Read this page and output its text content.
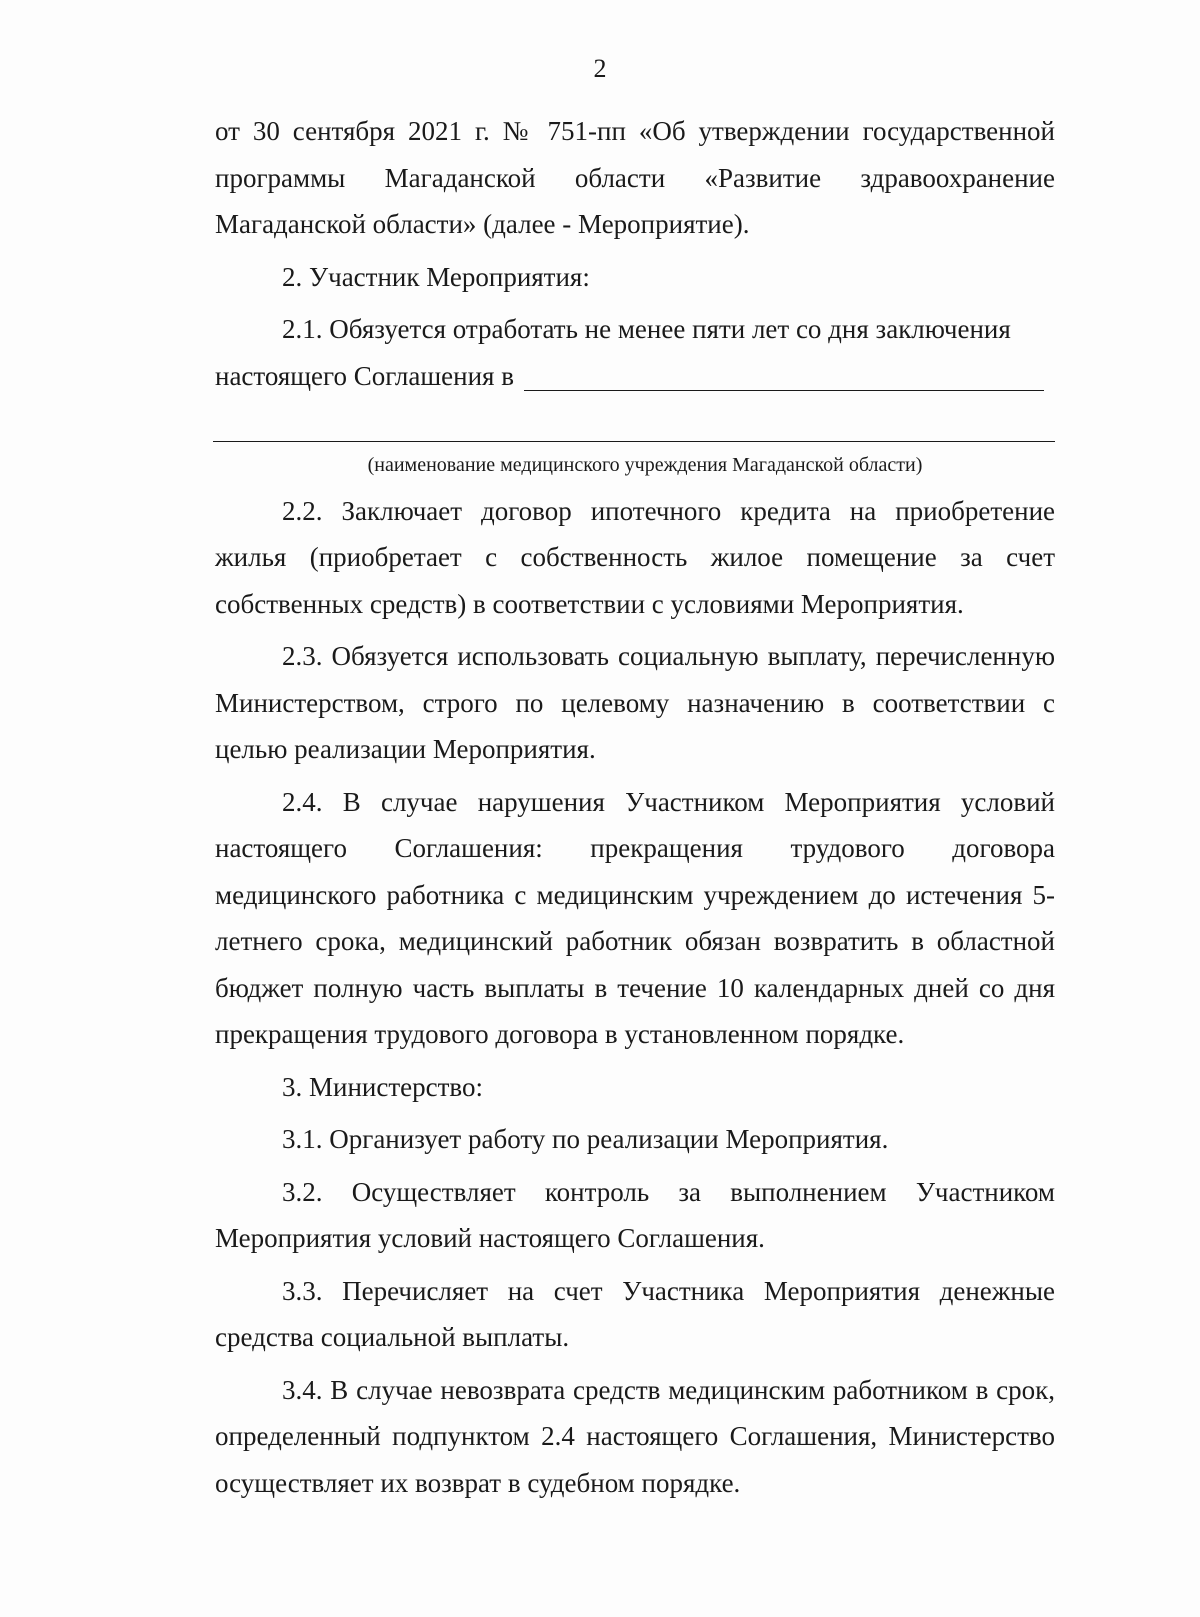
2

от 30 сентября 2021 г. № 751-пп «Об утверждении государственной программы Магаданской области «Развитие здравоохранение Магаданской области» (далее - Мероприятие).

2. Участник Мероприятия:

2.1. Обязуется отработать не менее пяти лет со дня заключения

настоящего Соглашения в
(наименование медицинского учреждения Магаданской области)

2.2. Заключает договор ипотечного кредита на приобретение жилья (приобретает с собственность жилое помещение за счет собственных средств) в соответствии с условиями Мероприятия.

2.3. Обязуется использовать социальную выплату, перечисленную Министерством, строго по целевому назначению в соответствии с целью реализации Мероприятия.

2.4. В случае нарушения Участником Мероприятия условий настоящего Соглашения: прекращения трудового договора медицинского работника с медицинским учреждением до истечения 5-летнего срока, медицинский работник обязан возвратить в областной бюджет полную часть выплаты в течение 10 календарных дней со дня прекращения трудового договора в установленном порядке.

3. Министерство:

3.1. Организует работу по реализации Мероприятия.

3.2. Осуществляет контроль за выполнением Участником Мероприятия условий настоящего Соглашения.

3.3. Перечисляет на счет Участника Мероприятия денежные средства социальной выплаты.

3.4. В случае невозврата средств медицинским работником в срок, определенный подпунктом 2.4 настоящего Соглашения, Министерство осуществляет их возврат в судебном порядке.
